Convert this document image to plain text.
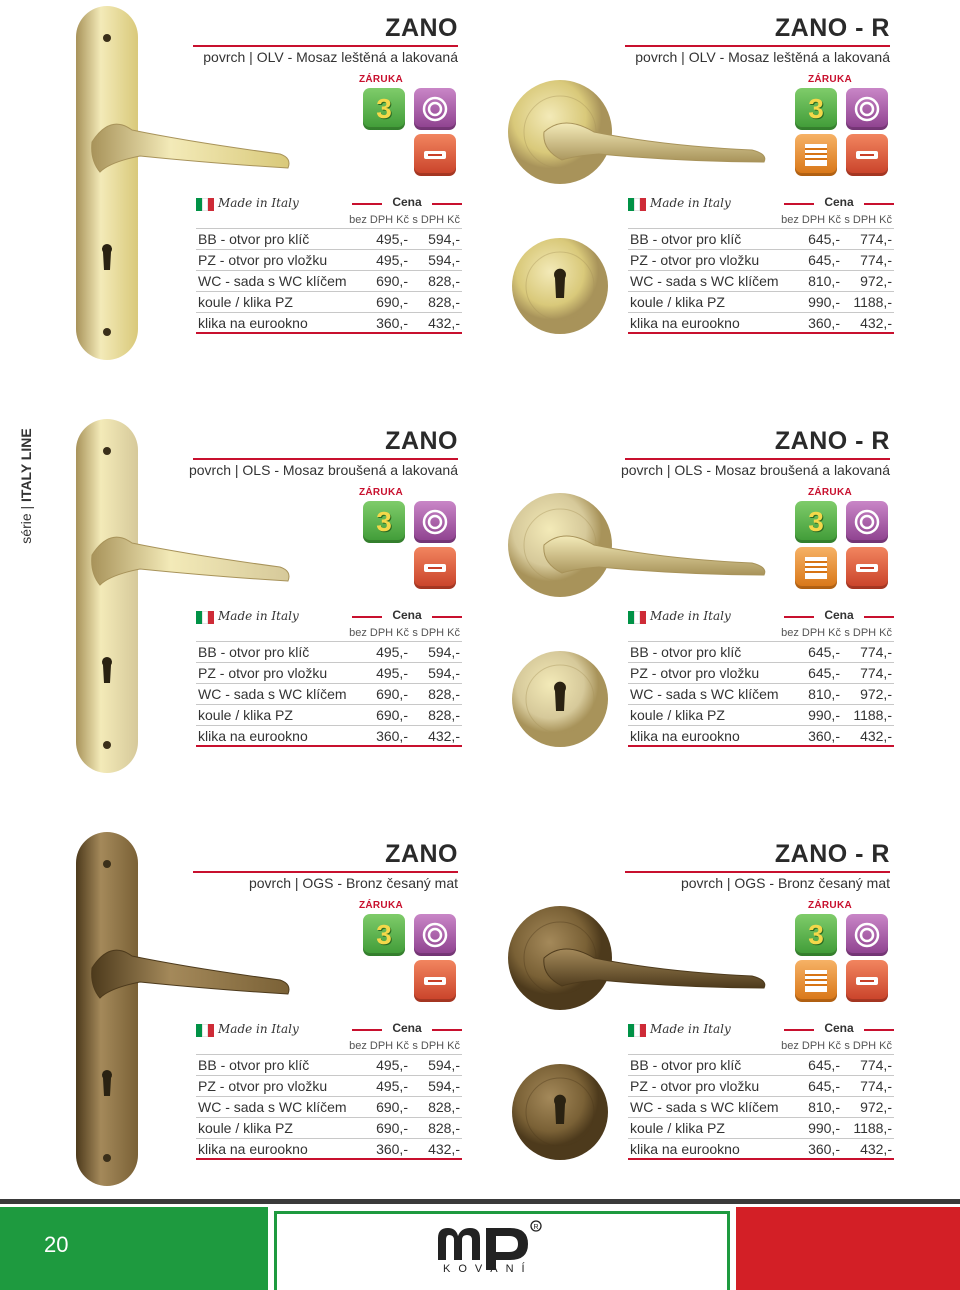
série | ITALY LINE
ZANO
povrch | OLV - Mosaz leštěná a lakovaná
ZÁRUKA
3
Made in Italy	Cena
bez DPH Kč s DPH Kč
BB - otvor pro klíč	495,- 594,-
PZ - otvor pro vložku	495,- 594,-
WC - sada s WC klíčem 690,- 828,-
koule / klika PZ	690,- 828,-
klika na eurookno	360,- 432,-
ZANO - R
povrch | OLV - Mosaz leštěná a lakovaná
ZÁRUKA
3
Made in Italy	Cena
bez DPH Kč s DPH Kč
BB - otvor pro klíč	645,- 774,-
PZ - otvor pro vložku	645,- 774,-
WC - sada s WC klíčem 810,- 972,-
koule / klika PZ	990,- 1188,-
klika na eurookno	360,- 432,-
ZANO
povrch | OLS - Mosaz broušená a lakovaná
ZÁRUKA
3
Made in Italy	Cena
bez DPH Kč s DPH Kč
BB - otvor pro klíč	495,- 594,-
PZ - otvor pro vložku	495,- 594,-
WC - sada s WC klíčem 690,- 828,-
koule / klika PZ	690,- 828,-
klika na eurookno	360,- 432,-
ZANO - R
povrch | OLS - Mosaz broušená a lakovaná
ZÁRUKA
3
Made in Italy	Cena
bez DPH Kč s DPH Kč
BB - otvor pro klíč	645,- 774,-
PZ - otvor pro vložku	645,- 774,-
WC - sada s WC klíčem 810,- 972,-
koule / klika PZ	990,- 1188,-
klika na eurookno	360,- 432,-
ZANO
povrch | OGS - Bronz česaný mat
ZÁRUKA
3
Made in Italy	Cena
bez DPH Kč s DPH Kč
BB - otvor pro klíč	495,- 594,-
PZ - otvor pro vložku	495,- 594,-
WC - sada s WC klíčem 690,- 828,-
koule / klika PZ	690,- 828,-
klika na eurookno	360,- 432,-
ZANO - R
povrch | OGS - Bronz česaný mat
ZÁRUKA
3
Made in Italy	Cena
bez DPH Kč s DPH Kč
BB - otvor pro klíč	645,- 774,-
PZ - otvor pro vložku	645,- 774,-
WC - sada s WC klíčem 810,- 972,-
koule / klika PZ	990,- 1188,-
klika na eurookno	360,- 432,-
20
R
KOVÁNÍ
